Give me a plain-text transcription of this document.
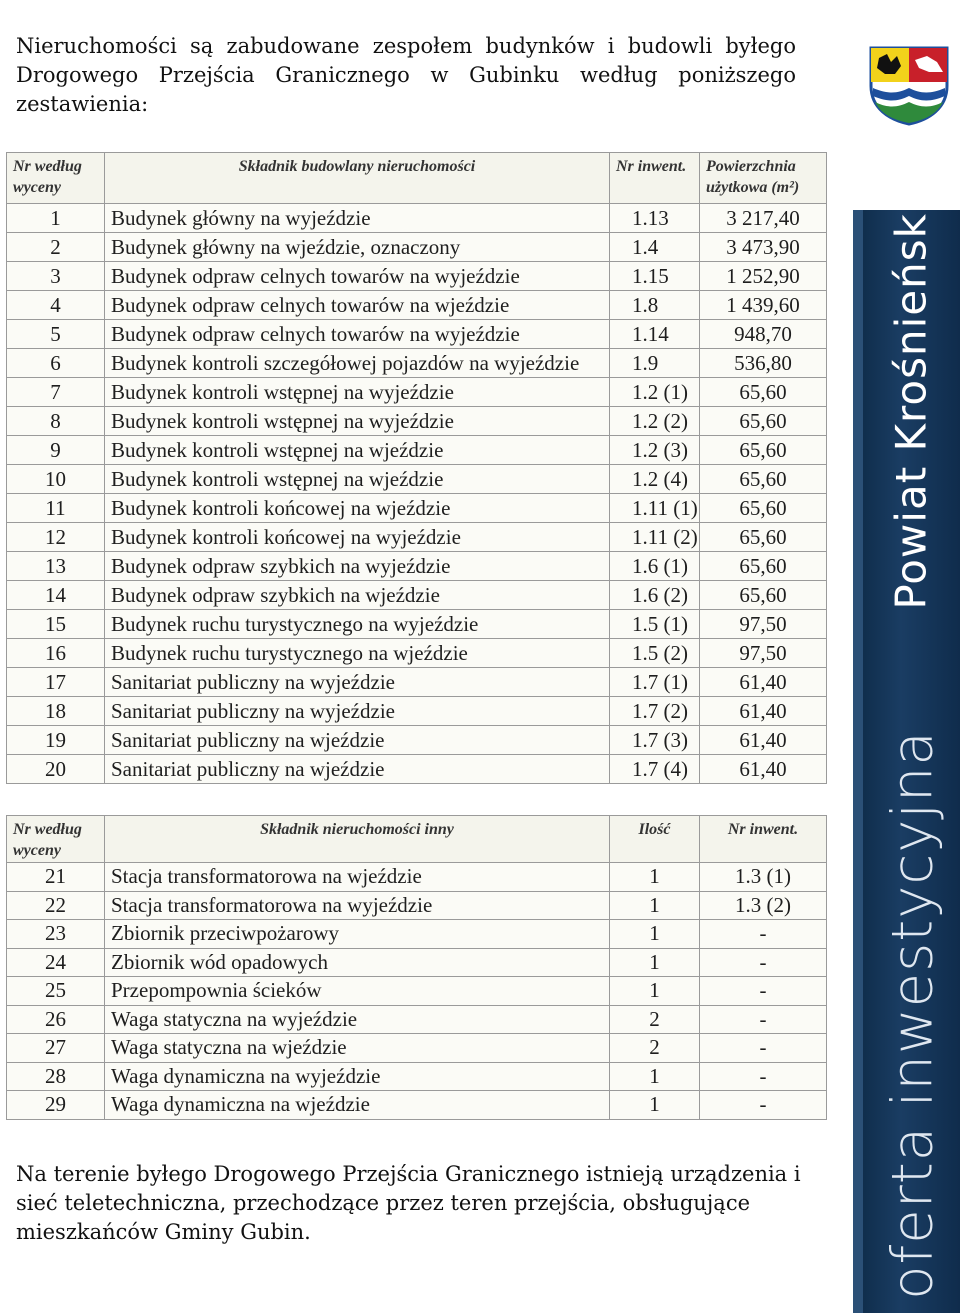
Nieruchomości są zabudowane zespołem budynków i budowli byłego
Drogowego Przejścia Granicznego w Gubinku według poniższego
zestawienia:
Nr według wyceny	Składnik budowlany nieruchomości	Nr inwent.	Powierzchnia użytkowa (m²)
1	Budynek główny na wyjeździe	1.13	3 217,40
2	Budynek główny na wjeździe, oznaczony	1.4	3 473,90
3	Budynek odpraw celnych towarów na wyjeździe	1.15	1 252,90
4	Budynek odpraw celnych towarów na wjeździe	1.8	1 439,60
5	Budynek odpraw celnych towarów na wyjeździe	1.14	948,70
6	Budynek kontroli szczegółowej pojazdów na wyjeździe	1.9	536,80
7	Budynek kontroli wstępnej na wyjeździe	1.2 (1)	65,60
8	Budynek kontroli wstępnej na wyjeździe	1.2 (2)	65,60
9	Budynek kontroli wstępnej na wjeździe	1.2 (3)	65,60
10	Budynek kontroli wstępnej na wjeździe	1.2 (4)	65,60
11	Budynek kontroli końcowej na wjeździe	1.11 (1)	65,60
12	Budynek kontroli końcowej na wyjeździe	1.11 (2)	65,60
13	Budynek odpraw szybkich na wyjeździe	1.6 (1)	65,60
14	Budynek odpraw szybkich na wjeździe	1.6 (2)	65,60
15	Budynek ruchu turystycznego na wyjeździe	1.5 (1)	97,50
16	Budynek ruchu turystycznego na wjeździe	1.5 (2)	97,50
17	Sanitariat publiczny na wyjeździe	1.7 (1)	61,40
18	Sanitariat publiczny na wyjeździe	1.7 (2)	61,40
19	Sanitariat publiczny na wjeździe	1.7 (3)	61,40
20	Sanitariat publiczny na wjeździe	1.7 (4)	61,40
Nr według wyceny	Składnik nieruchomości inny	Ilość	Nr inwent.
21	Stacja transformatorowa na wjeździe	1	1.3 (1)
22	Stacja transformatorowa na wyjeździe	1	1.3 (2)
23	Zbiornik przeciwpożarowy	1	-
24	Zbiornik wód opadowych	1	-
25	Przepompownia ścieków	1	-
26	Waga statyczna na wyjeździe	2	-
27	Waga statyczna na wjeździe	2	-
28	Waga dynamiczna na wyjeździe	1	-
29	Waga dynamiczna na wjeździe	1	-
Na terenie byłego Drogowego Przejścia Granicznego istnieją urządzenia i sieć teletechniczna, przechodzące przez teren przejścia, obsługujące mieszkańców Gminy Gubin.
Powiat Krośnieński
oferta inwestycyjna
